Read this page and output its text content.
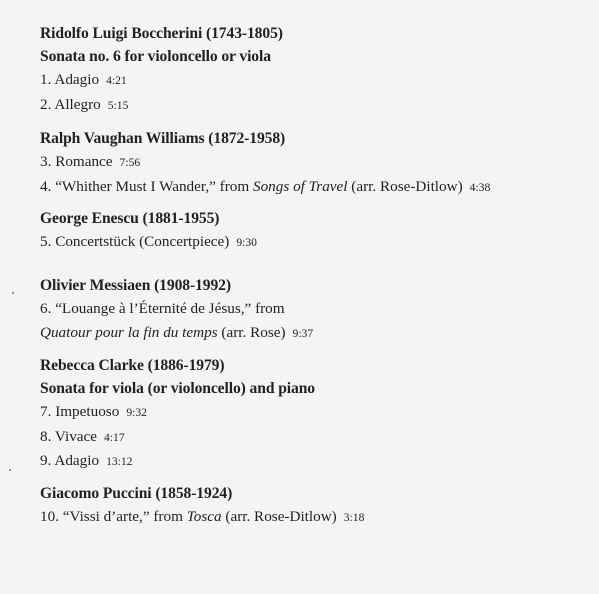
Ridolfo Luigi Boccherini (1743-1805)
Sonata no. 6 for violoncello or viola
1. Adagio 4:21
2. Allegro 5:15
Ralph Vaughan Williams (1872-1958)
3. Romance 7:56
4. “Whither Must I Wander,” from Songs of Travel (arr. Rose-Ditlow) 4:38
George Enescu (1881-1955)
5. Concertstück (Concertpiece) 9:30
Olivier Messiaen (1908-1992)
6. “Louange à l’Éternité de Jésus,” from
Quatour pour la fin du temps (arr. Rose) 9:37
Rebecca Clarke (1886-1979)
Sonata for viola (or violoncello) and piano
7. Impetuoso 9:32
8. Vivace 4:17
9. Adagio 13:12
Giacomo Puccini (1858-1924)
10. “Vissi d’arte,” from Tosca (arr. Rose-Ditlow) 3:18
